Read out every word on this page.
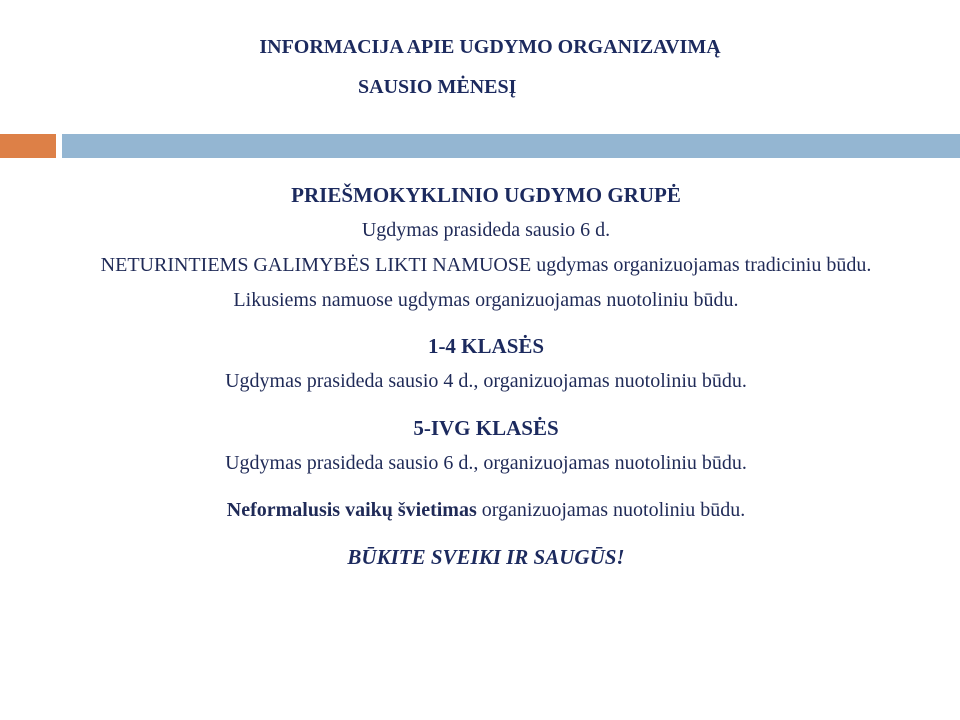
INFORMACIJA APIE UGDYMO ORGANIZAVIMĄ
SAUSIO MĖNESĮ

PRIEŠMOKYKLINIO UGDYMO GRUPĖ

Ugdymas prasideda sausio 6 d.

NETURINTIEMS GALIMYBĖS LIKTI NAMUOSE ugdymas organizuojamas tradiciniu būdu.

Likusiems namuose ugdymas organizuojamas nuotoliniu būdu.

1-4 KLASĖS

Ugdymas prasideda sausio 4 d., organizuojamas nuotoliniu būdu.

5-IVG KLASĖS

Ugdymas prasideda sausio 6 d., organizuojamas nuotoliniu būdu.

Neformalusis vaikų švietimas organizuojamas nuotoliniu būdu.

BŪKITE SVEIKI IR SAUGŪS!
